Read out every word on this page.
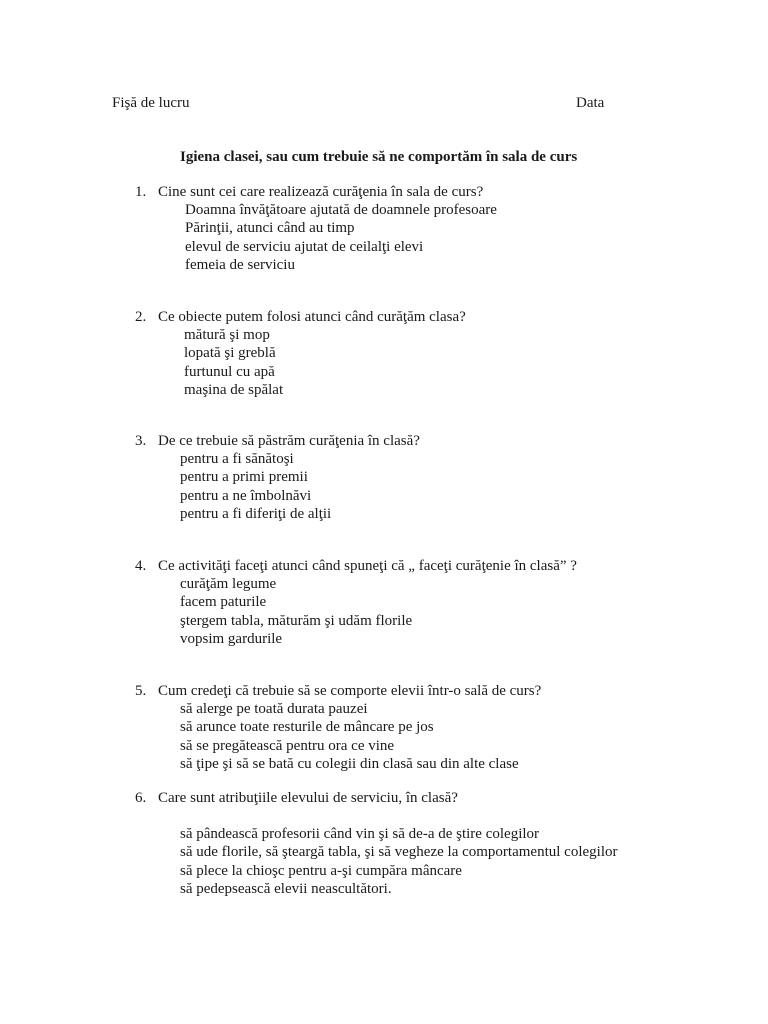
Fişă de lucru	Data
Igiena clasei, sau cum trebuie să ne comportăm în sala de curs
1. Cine sunt cei care realizează curăţenia în sala de curs?
Doamna învăţătoare ajutată de doamnele profesoare
Părinţii, atunci când au timp
elevul de serviciu ajutat de ceilalţi elevi
femeia de serviciu
2. Ce obiecte putem folosi atunci când curăţăm clasa?
mătură şi mop
lopată şi greblă
furtunul cu apă
maşina de spălat
3. De ce trebuie să păstrăm curăţenia în clasă?
pentru a fi sănătoşi
pentru a primi premii
pentru a ne îmbolnăvi
pentru a fi diferiţi de alţii
4. Ce activităţi faceţi atunci când spuneţi că „ faceţi curăţenie în clasă” ?
curăţăm legume
facem paturile
ştergem tabla, măturăm şi udăm florile
vopsim gardurile
5. Cum credeţi că trebuie să se comporte elevii într-o sală de curs?
să alerge pe toată durata pauzei
să arunce toate resturile de mâncare pe jos
să se pregătească pentru ora ce vine
să ţipe şi să se bată cu colegii din clasă sau din alte clase
6. Care sunt atribuţiile elevului de serviciu, în clasă?
să pândească profesorii când vin şi să de-a de ştire colegilor
să ude florile, să şteargă tabla, şi să vegheze la comportamentul colegilor
să plece la chioşc pentru a-şi cumpăra mâncare
să pedepsească elevii neascultători.
